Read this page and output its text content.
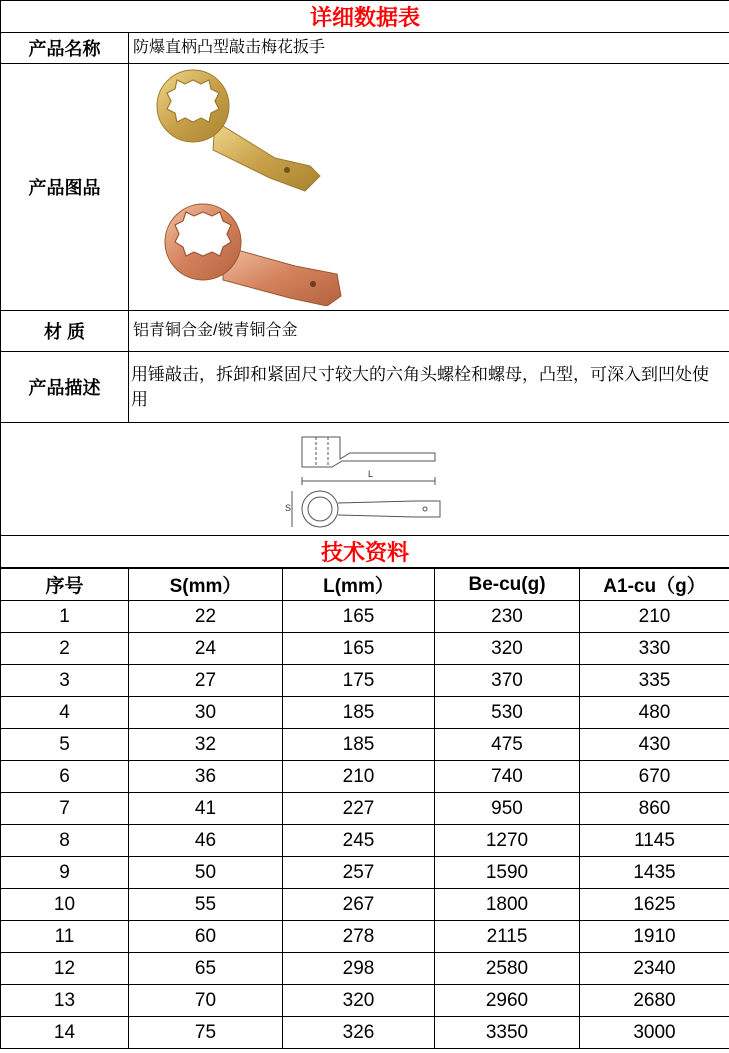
详细数据表	
产品名称	防爆直柄凸型敲击梅花扳手
产品图品	

材 质	铝青铜合金/铍青铜合金
产品描述	用锤敲击，拆卸和紧固尺寸较大的六角头螺栓和螺母，凸型，可深入到凹处使用

L
S	

技术资料	
序号	S(mm）	L(mm）	Be-cu(g)	A1-cu（g）
1	22	165	230	210
2	24	165	320	330
3	27	175	370	335
4	30	185	530	480
5	32	185	475	430
6	36	210	740	670
7	41	227	950	860
8	46	245	1270	1145
9	50	257	1590	1435
10	55	267	1800	1625
11	60	278	2115	1910
12	65	298	2580	2340
13	70	320	2960	2680
14	75	326	3350	3000
